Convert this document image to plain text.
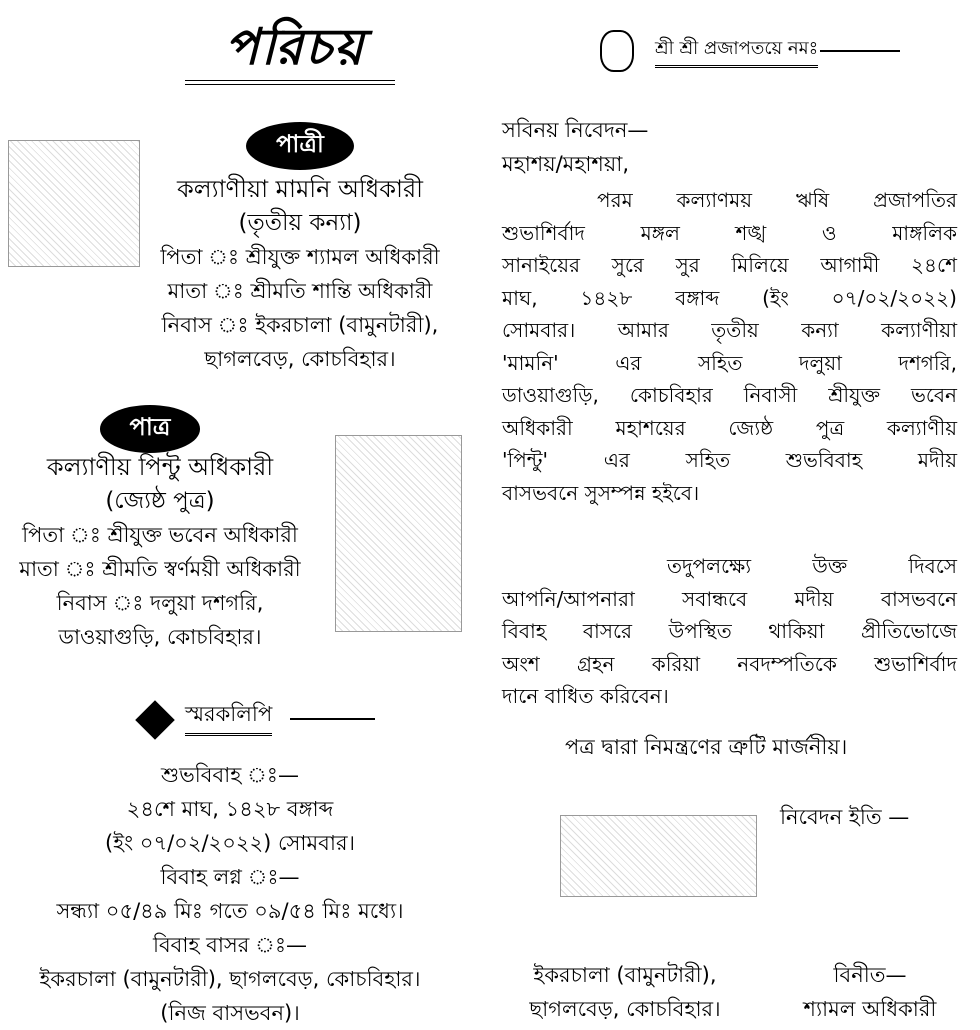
পরিচয়
পাত্রী
কল্যাণীয়া মামনি অধিকারী
(তৃতীয় কন্যা)
পিতা ঃ শ্রীযুক্ত শ্যামল অধিকারী
মাতা ঃ শ্রীমতি শান্তি অধিকারী
নিবাস ঃ ইকরচালা (বামুনটারী),
ছাগলবেড়, কোচবিহার।
পাত্র
কল্যাণীয় পিন্টু অধিকারী
(জ্যেষ্ঠ পুত্র)
পিতা ঃ শ্রীযুক্ত ভবেন অধিকারী
মাতা ঃ শ্রীমতি স্বর্ণময়ী অধিকারী
নিবাস ঃ দলুয়া দশগরি,
ডাওয়াগুড়ি, কোচবিহার।
স্মরকলিপি
শুভবিবাহ ঃ—
২৪শে মাঘ, ১৪২৮ বঙ্গাব্দ
(ইং ০৭/০২/২০২২) সোমবার।
বিবাহ লগ্ন ঃ—
সন্ধ্যা ০৫/৪৯ মিঃ গতে ০৯/৫৪ মিঃ মধ্যে।
বিবাহ বাসর ঃ—
ইকরচালা (বামুনটারী), ছাগলবেড়, কোচবিহার।
(নিজ বাসভবন)।
শ্রী শ্রী প্রজাপতয়ে নমঃ
সবিনয় নিবেদন—
মহাশয়/মহাশয়া,
পরম কল্যাণময় ঋষি প্রজাপতির
শুভাশির্বাদ মঙ্গল শঙ্খ ও মাঙ্গলিক
সানাইয়ের সুরে সুর মিলিয়ে আগামী ২৪শে
মাঘ, ১৪২৮ বঙ্গাব্দ (ইং ০৭/০২/২০২২)
সোমবার। আমার তৃতীয় কন্যা কল্যাণীয়া
'মামনি' এর সহিত দলুয়া দশগরি,
ডাওয়াগুড়ি, কোচবিহার নিবাসী শ্রীযুক্ত ভবেন
অধিকারী মহাশয়ের জ্যেষ্ঠ পুত্র কল্যাণীয়
'পিন্টু' এর সহিত শুভবিবাহ মদীয়
বাসভবনে সুসম্পন্ন হইবে।
তদুপলক্ষ্যে উক্ত দিবসে
আপনি/আপনারা সবান্ধবে মদীয় বাসভবনে
বিবাহ বাসরে উপস্থিত থাকিয়া প্রীতিভোজে
অংশ গ্রহন করিয়া নবদম্পতিকে শুভাশির্বাদ
দানে বাধিত করিবেন।
পত্র দ্বারা নিমন্ত্রণের ত্রুটি মার্জনীয়।
নিবেদন ইতি —
ইকরচালা (বামুনটারী),
ছাগলবেড়, কোচবিহার।
বিনীত—
শ্যামল অধিকারী
